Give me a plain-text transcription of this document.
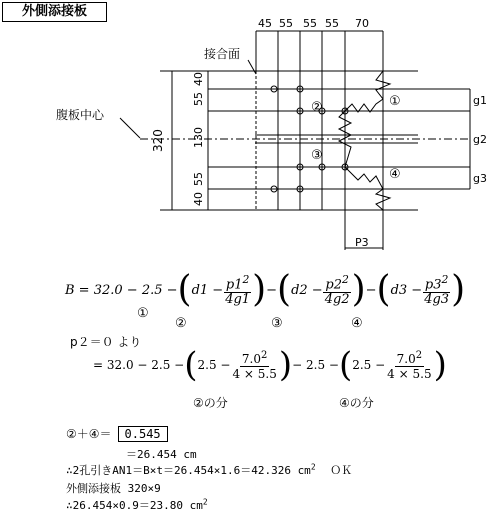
外側添接板
45 55 55 55 70
接合面
腹板中心
320
40
55
130
55
40
g1
g2
g3
①
②
③
④
P3
B = 32.0 − 2.5 − ( $d1 - \frac{p1^2}{4g1}$ ) − ( $d2 - \frac{p2^2}{4g2}$ ) − ( $d3 - \frac{p3^2}{4g3}$ )
①
②	③	④
p２＝０ より
= 32.0 − 2.5 − ( $2.5 - \frac{7.0^2}{4 \times 5.5}$ ) − 2.5 − ( $2.5 - \frac{7.0^2}{4 \times 5.5}$ )
②の分	④の分
②＋④＝	0.545
＝26.454 cm
∴2孔引きAN1＝B×t＝26.454×1.6＝42.326 $cm^2$ ＯＫ
外側添接板 320×9
∴26.454×0.9＝23.80 $cm^2$
